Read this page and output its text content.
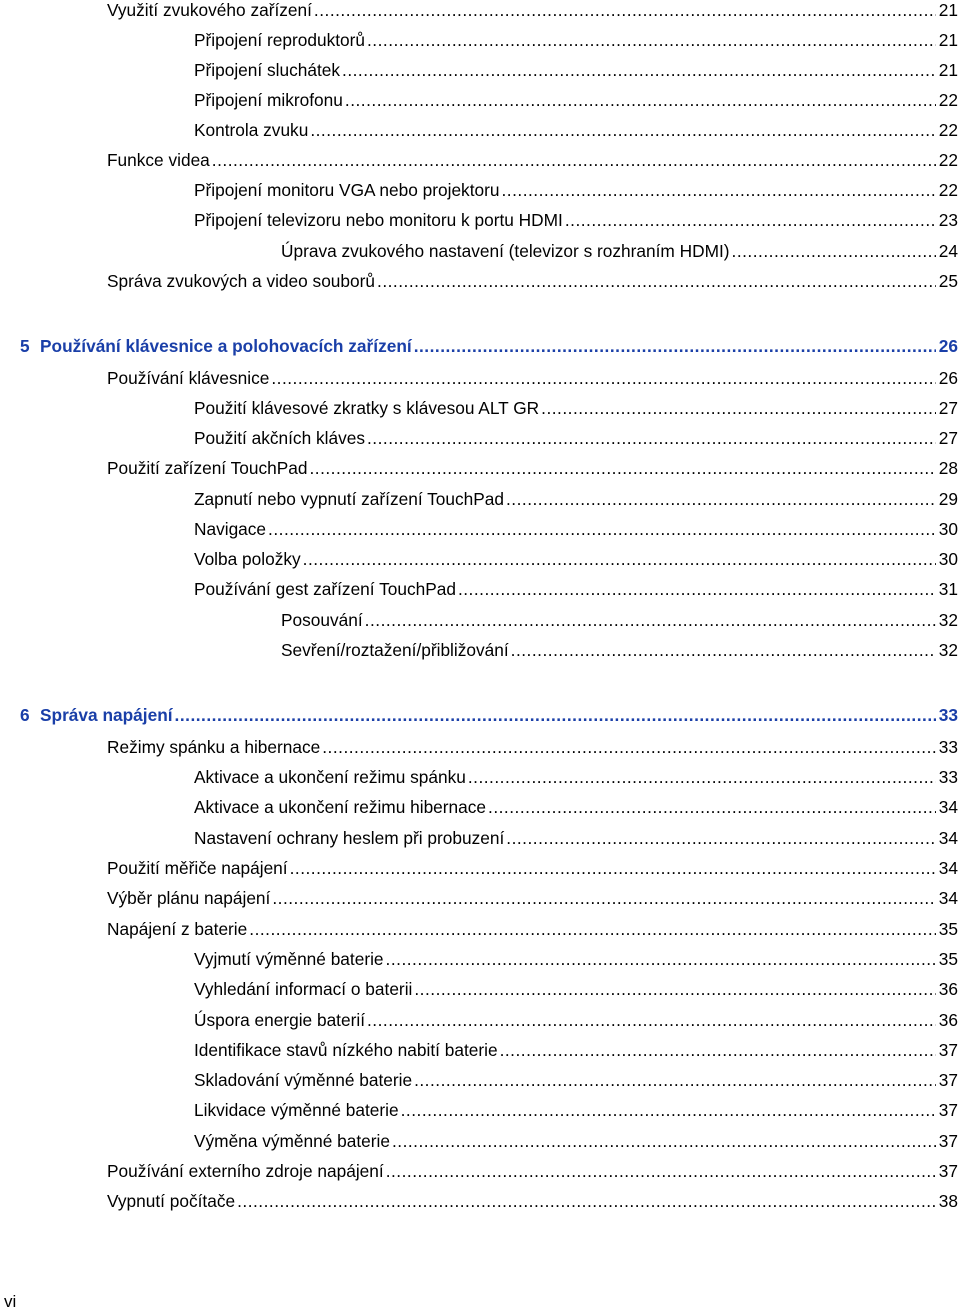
Využití zvukového zařízení .....	21
Připojení reproduktorů .....	21
Připojení sluchátek .....	21
Připojení mikrofonu .....	22
Kontrola zvuku .....	22
Funkce videa .....	22
Připojení monitoru VGA nebo projektoru .....	22
Připojení televizoru nebo monitoru k portu HDMI .....	23
Úprava zvukového nastavení (televizor s rozhraním HDMI) .....	24
Správa zvukových a video souborů .....	25
5 Používání klávesnice a polohovacích zařízení .....	26
Používání klávesnice .....	26
Použití klávesové zkratky s klávesou ALT GR .....	27
Použití akčních kláves .....	27
Použití zařízení TouchPad .....	28
Zapnutí nebo vypnutí zařízení TouchPad .....	29
Navigace .....	30
Volba položky .....	30
Používání gest zařízení TouchPad .....	31
Posouvání .....	32
Sevření/roztažení/přibližování .....	32
6 Správa napájení .....	33
Režimy spánku a hibernace .....	33
Aktivace a ukončení režimu spánku .....	33
Aktivace a ukončení režimu hibernace .....	34
Nastavení ochrany heslem při probuzení .....	34
Použití měřiče napájení .....	34
Výběr plánu napájení .....	34
Napájení z baterie .....	35
Vyjmutí výměnné baterie .....	35
Vyhledání informací o baterii .....	36
Úspora energie baterií .....	36
Identifikace stavů nízkého nabití baterie .....	37
Skladování výměnné baterie .....	37
Likvidace výměnné baterie .....	37
Výměna výměnné baterie .....	37
Používání externího zdroje napájení .....	37
Vypnutí počítače .....	38
vi
